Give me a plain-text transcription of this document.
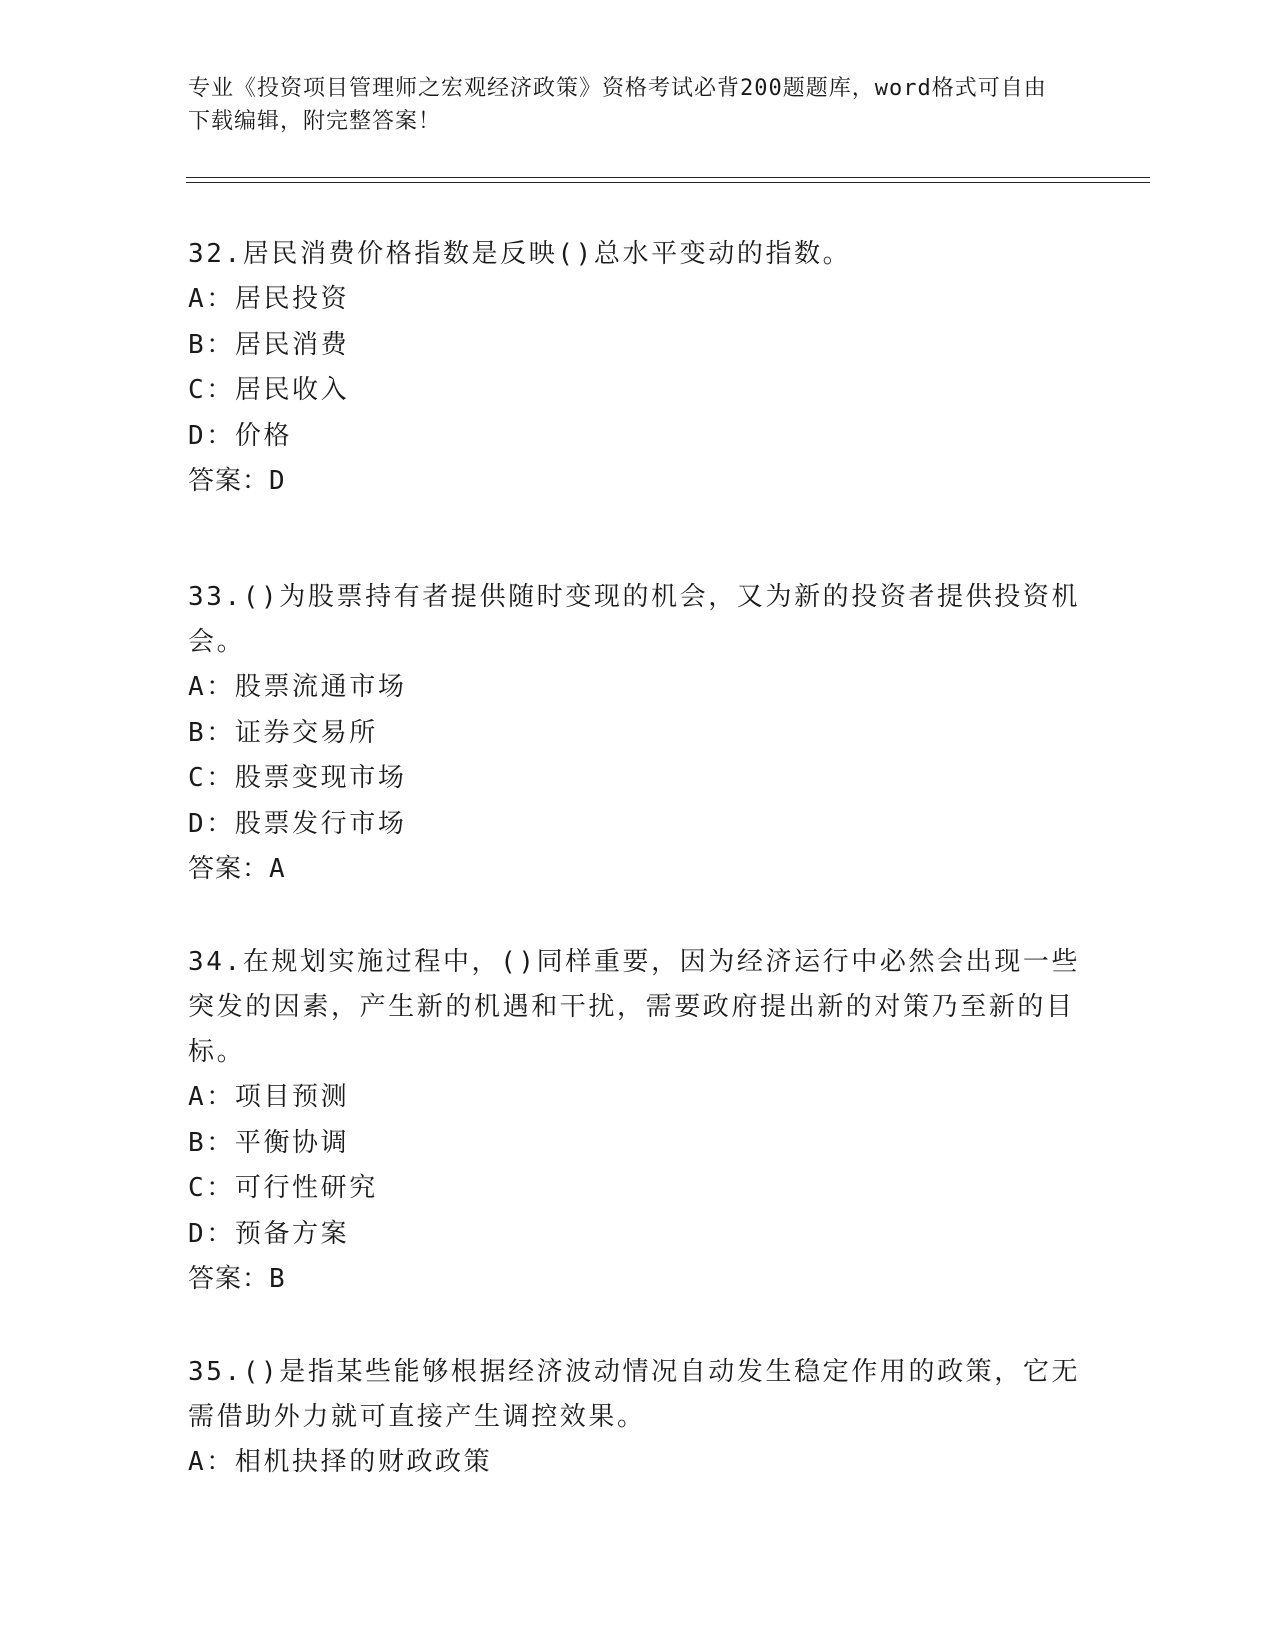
专业《投资项目管理师之宏观经济政策》资格考试必背200题题库，word格式可自由下载编辑，附完整答案！

32.居民消费价格指数是反映()总水平变动的指数。

A：居民投资

B：居民消费

C：居民收入

D：价格

答案：D

33.()为股票持有者提供随时变现的机会，又为新的投资者提供投资机会。

A：股票流通市场

B：证券交易所

C：股票变现市场

D：股票发行市场

答案：A

34.在规划实施过程中，()同样重要，因为经济运行中必然会出现一些突发的因素，产生新的机遇和干扰，需要政府提出新的对策乃至新的目标。

A：项目预测

B：平衡协调

C：可行性研究

D：预备方案

答案：B

35.()是指某些能够根据经济波动情况自动发生稳定作用的政策，它无需借助外力就可直接产生调控效果。

A：相机抉择的财政政策
